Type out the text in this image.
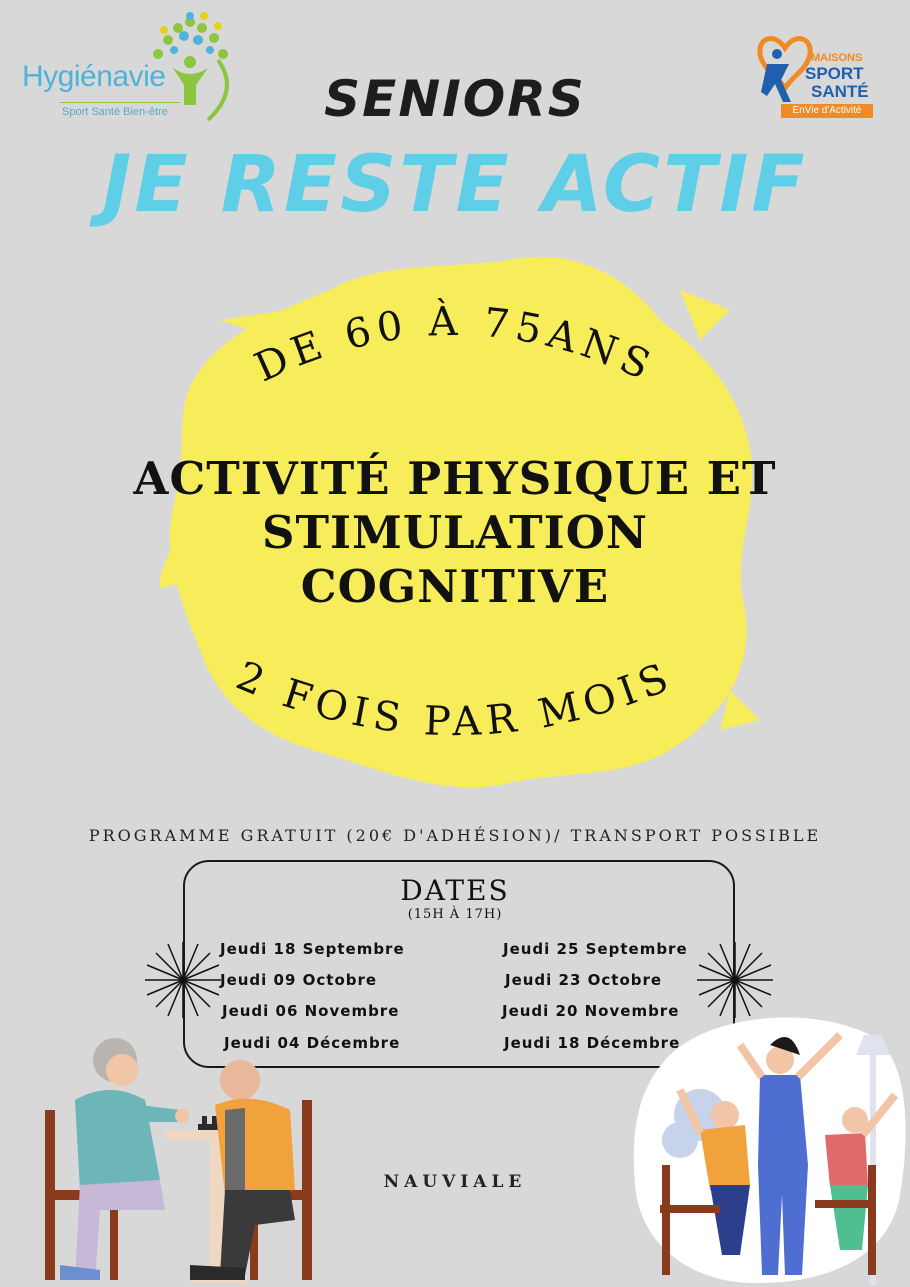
Hygiénavie
Sport Santé Bien-être
MAISONS
SPORT
SANTÉ
EnVie d'Activité
SENIORS
JE RESTE ACTIF
DE 60 À 75ANS
ACTIVITÉ PHYSIQUE ET
STIMULATION
COGNITIVE
2 FOIS PAR MOIS
PROGRAMME GRATUIT (20€ D'ADHÉSION)/ TRANSPORT POSSIBLE
DATES
(15H À 17H)
Jeudi 18 Septembre
Jeudi 09 Octobre
Jeudi 06 Novembre
Jeudi 04 Décembre
Jeudi 25 Septembre
Jeudi 23 Octobre
Jeudi 20 Novembre
Jeudi 18 Décembre
NAUVIALE
